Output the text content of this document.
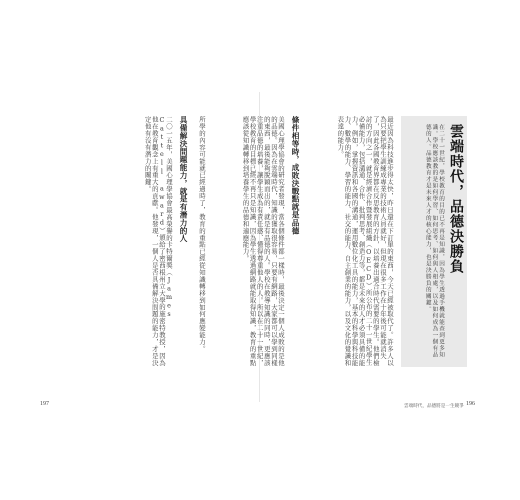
雲端時代，品德決勝負
在二十一世紀，學校教育的目的已不再是知識，因為學生透過手機就能查到更多知識。學校應該教的是如何學習、如何思考、如何與人相處，以及如何成為一個有品德的人。品德教育才是未來人才的核心能力，也是決勝負的關鍵。
最近因為科技進步得太快，昨日還在下訂單的東西，今天已經被取代了。許多人以為只要把學生訓練成專業的技術人員就好，但現在很多工作在十年後可能就消失了，因此各國教育界都在反思教育的方針，以培養出適合時代需要的學生。他們檢討的方向之一，就是經濟合作暨發展組織（OECD）所公布的二十一世紀學生必備能力，包括溝通、合作、批判思考、創造力等，都是未來的人才必須具備的能力。例如，掌握資訊和各國的溝通，運用數位化工具的能力，基本的科學與科技能力、數學的能力、學習的能力、社交的能力、自主創業的能力，以及文化的覺識和表達的能力。
條件相等時，成敗決戰點就是品德
美國心理學協會的研究者發現，當各個條件都一樣時，最後決定一個人成敗的是他的品德。因為在雲端時代，知識的獲取很容易，只要有網路，大家都可以學到同樣的東西，最後能夠脫穎而出的，就是有品德的人。學校在教導知識的同時，更應該注重品德的培養，讓學生成為有責任感、懂得尊重他人的人。所以在二十一世紀，學校教育的目標已經不再只是知識，因為學生透過網路就能取得知識，教育的重點應該從知識轉移到培養學生的品德和適應能力。
雲端時代，品德將是一生競爭 196
所學的內容可能就已經過時了，教育的重點已經從知識轉移到如何應變能力。
具備解決問題能力，就是有潛力的人
二〇一五年，美國心理學協會最高榮譽的卡特爾獎（James Cattell award）頒給了密西根州立大學的施密特教授，因為他在教育觀念上有重大的貢獻。他發現，一個人是否具備解決問題的能力，才是決定他有沒有潛力的關鍵。
197
